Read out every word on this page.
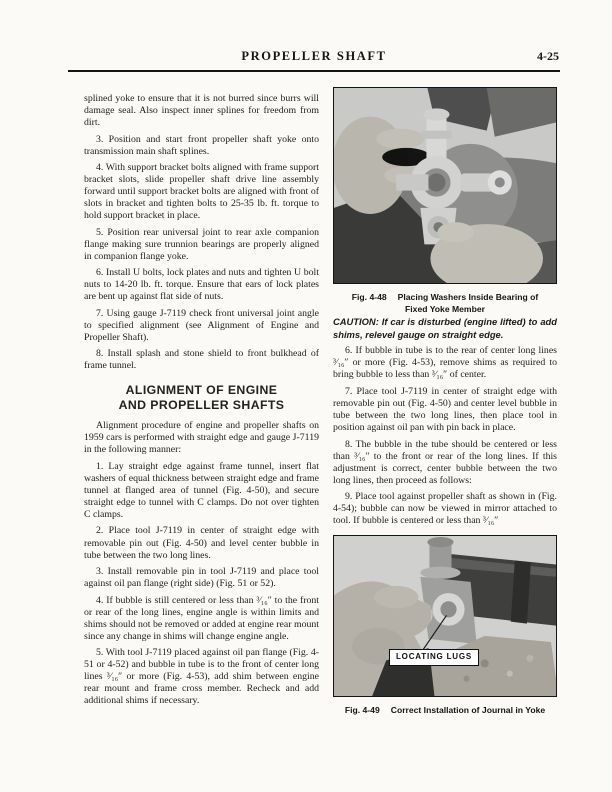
PROPELLER SHAFT	4-25

splined yoke to ensure that it is not burred since burrs will damage seal. Also inspect inner splines for freedom from dirt.

3. Position and start front propeller shaft yoke onto transmission main shaft splines.

4. With support bracket bolts aligned with frame support bracket slots, slide propeller shaft drive line assembly forward until support bracket bolts are aligned with front of slots in bracket and tighten bolts to 25-35 lb. ft. torque to hold support bracket in place.

5. Position rear universal joint to rear axle companion flange making sure trunnion bearings are properly aligned in companion flange yoke.

6. Install U bolts, lock plates and nuts and tighten U bolt nuts to 14-20 lb. ft. torque. Ensure that ears of lock plates are bent up against flat side of nuts.

7. Using gauge J-7119 check front universal joint angle to specified alignment (see Alignment of Engine and Propeller Shaft).

8. Install splash and stone shield to front bulkhead of frame tunnel.

ALIGNMENT OF ENGINE
AND PROPELLER SHAFTS

Alignment procedure of engine and propeller shafts on 1959 cars is performed with straight edge and gauge J-7119 in the following manner:

1. Lay straight edge against frame tunnel, insert flat washers of equal thickness between straight edge and frame tunnel at flanged area of tunnel (Fig. 4-50), and secure straight edge to tunnel with C clamps. Do not over tighten C clamps.

2. Place tool J-7119 in center of straight edge with removable pin out (Fig. 4-50) and level center bubble in tube between the two long lines.

3. Install removable pin in tool J-7119 and place tool against oil pan flange (right side) (Fig. 51 or 52).

4. If bubble is still centered or less than ³⁄₁₆″ to the front or rear of the long lines, engine angle is within limits and shims should not be removed or added at engine rear mount since any change in shims will change engine angle.

5. With tool J-7119 placed against oil pan flange (Fig. 4-51 or 4-52) and bubble in tube is to the front of center long lines ³⁄₁₆″ or more (Fig. 4-53), add shim between engine rear mount and frame cross member. Recheck and add additional shims if necessary.

Fig. 4-48 Placing Washers Inside Bearing of
Fixed Yoke Member

CAUTION: If car is disturbed (engine lifted) to add shims, relevel gauge on straight edge.

6. If bubble in tube is to the rear of center long lines ³⁄₁₆″ or more (Fig. 4-53), remove shims as required to bring bubble to less than ³⁄₁₆″ of center.

7. Place tool J-7119 in center of straight edge with removable pin out (Fig. 4-50) and center level bubble in tube between the two long lines, then place tool in position against oil pan with pin back in place.

8. The bubble in the tube should be centered or less than ³⁄₁₆″ to the front or rear of the long lines. If this adjustment is correct, center bubble between the two long lines, then proceed as follows:

9. Place tool against propeller shaft as shown in (Fig. 4-54); bubble can now be viewed in mirror attached to tool. If bubble is centered or less than ³⁄₁₆″

LOCATING LUGS
Fig. 4-49 Correct Installation of Journal in Yoke
